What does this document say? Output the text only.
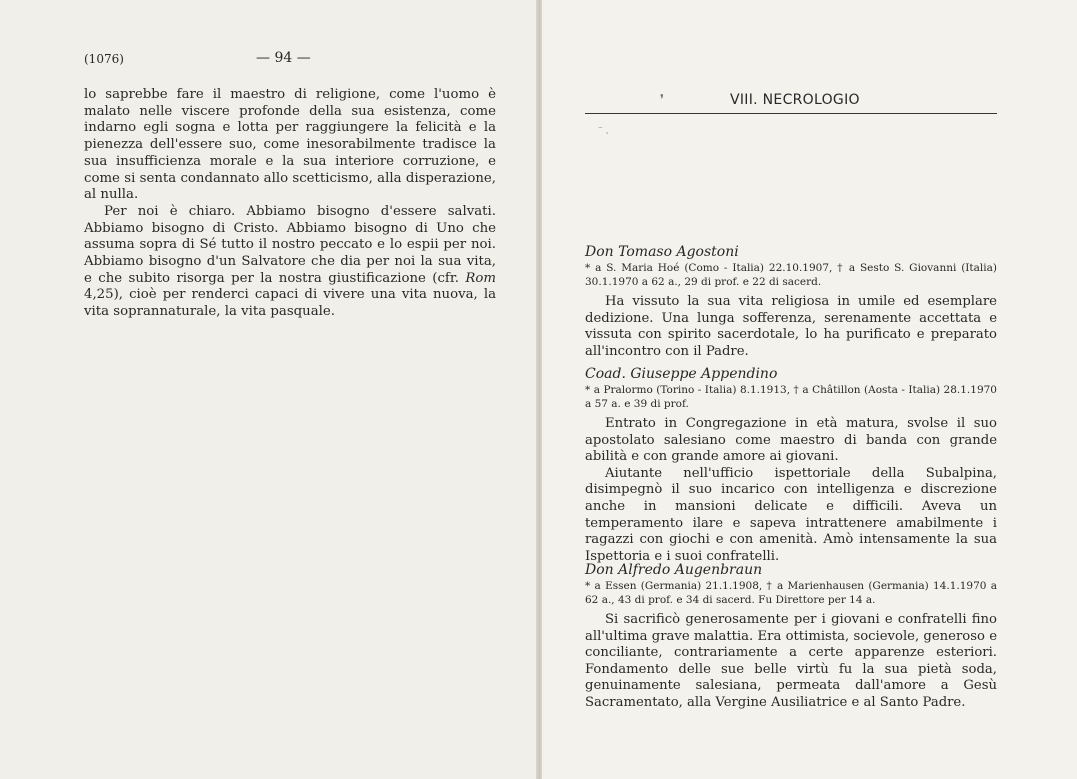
(1076)	— 94 —

lo saprebbe fare il maestro di religione, come l'uomo è malato nelle viscere profonde della sua esistenza, come indarno egli sogna e lotta per raggiungere la felicità e la pienezza dell'essere suo, come inesorabilmente tradisce la sua insufficienza morale e la sua interiore corruzione, e come si senta condannato allo scetticismo, alla disperazione, al nulla.

Per noi è chiaro. Abbiamo bisogno d'essere salvati. Abbiamo bisogno di Cristo. Abbiamo bisogno di Uno che assuma sopra di Sé tutto il nostro peccato e lo espii per noi. Abbiamo bisogno d'un Salvatore che dia per noi la sua vita, e che subito risorga per la nostra giustificazione (cfr. Rom 4,25), cioè per renderci capaci di vivere una vita nuova, la vita soprannaturale, la vita pasquale.

❜
⁻ ˎ
VIII. NECROLOGIO
Don Tomaso Agostoni
* a S. Maria Hoé (Como - Italia) 22.10.1907, † a Sesto S. Giovanni (Italia) 30.1.1970 a 62 a., 29 di prof. e 22 di sacerd.

Ha vissuto la sua vita religiosa in umile ed esemplare dedizione. Una lunga sofferenza, serenamente accettata e vissuta con spirito sacerdotale, lo ha purificato e preparato all'incontro con il Padre.

Coad. Giuseppe Appendino
* a Pralormo (Torino - Italia) 8.1.1913, † a Châtillon (Aosta - Italia) 28.1.1970 a 57 a. e 39 di prof.

Entrato in Congregazione in età matura, svolse il suo apostolato salesiano come maestro di banda con grande abilità e con grande amore ai giovani.

Aiutante nell'ufficio ispettoriale della Subalpina, disimpegnò il suo incarico con intelligenza e discrezione anche in mansioni delicate e difficili. Aveva un temperamento ilare e sapeva intrattenere amabilmente i ragazzi con giochi e con amenità. Amò intensamente la sua Ispettoria e i suoi confratelli.

Don Alfredo Augenbraun
* a Essen (Germania) 21.1.1908, † a Marienhausen (Germania) 14.1.1970 a 62 a., 43 di prof. e 34 di sacerd. Fu Direttore per 14 a.

Si sacrificò generosamente per i giovani e confratelli fino all'ultima grave malattia. Era ottimista, socievole, generoso e conciliante, contrariamente a certe apparenze esteriori. Fondamento delle sue belle virtù fu la sua pietà soda, genuinamente salesiana, permeata dall'amore a Gesù Sacramentato, alla Vergine Ausiliatrice e al Santo Padre.
